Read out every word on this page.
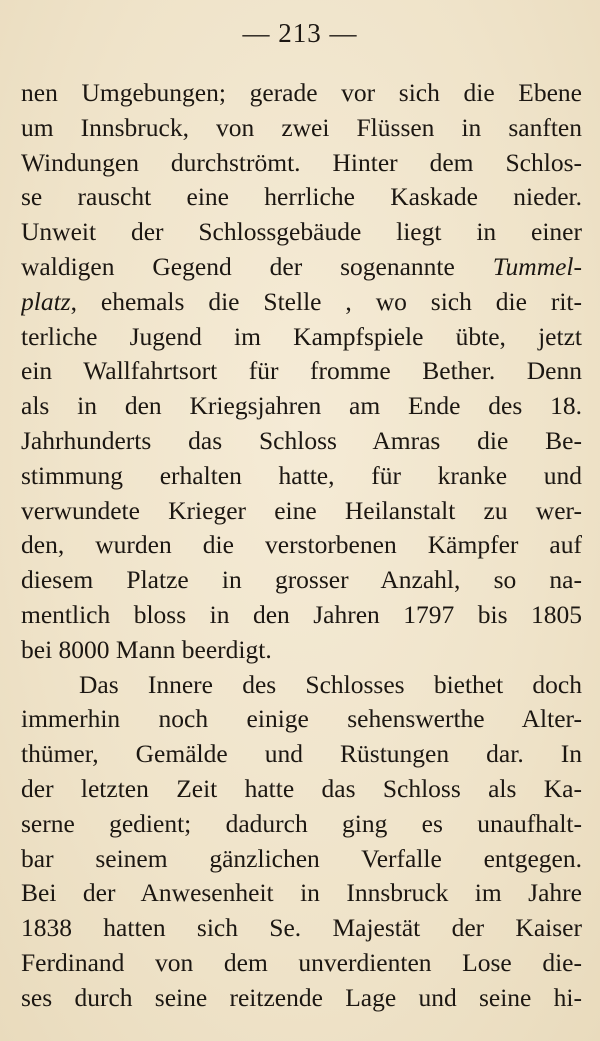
— 213 —
nen Umgebungen; gerade vor sich die Ebene
um Innsbruck, von zwei Flüssen in sanften
Windungen durchströmt. Hinter dem Schlos-
se rauscht eine herrliche Kaskade nieder.
Unweit der Schlossgebäude liegt in einer
waldigen Gegend der sogenannte Tummel-
platz, ehemals die Stelle , wo sich die rit-
terliche Jugend im Kampfspiele übte, jetzt
ein Wallfahrtsort für fromme Bether. Denn
als in den Kriegsjahren am Ende des 18.
Jahrhunderts das Schloss Amras die Be-
stimmung erhalten hatte, für kranke und
verwundete Krieger eine Heilanstalt zu wer-
den, wurden die verstorbenen Kämpfer auf
diesem Platze in grosser Anzahl, so na-
mentlich bloss in den Jahren 1797 bis 1805
bei 8000 Mann beerdigt.
Das Innere des Schlosses biethet doch
immerhin noch einige sehenswerthe Alter-
thümer, Gemälde und Rüstungen dar. In
der letzten Zeit hatte das Schloss als Ka-
serne gedient; dadurch ging es unaufhalt-
bar seinem gänzlichen Verfalle entgegen.
Bei der Anwesenheit in Innsbruck im Jahre
1838 hatten sich Se. Majestät der Kaiser
Ferdinand von dem unverdienten Lose die-
ses durch seine reitzende Lage und seine hi-
